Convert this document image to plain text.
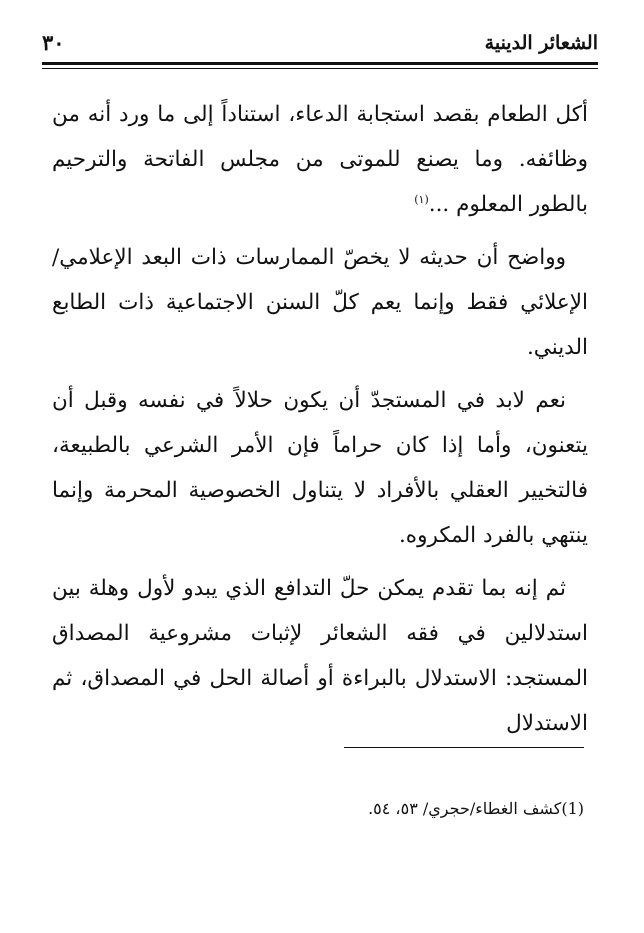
الشعائر الدينية
٣٠

أكل الطعام بقصد استجابة الدعاء، استناداً إلى ما ورد أنه من وظائفه. وما يصنع للموتى من مجلس الفاتحة والترحيم بالطور المعلوم ...$^{(١)}$

وواضح أن حديثه لا يخصّ الممارسات ذات البعد الإعلامي/الإعلائي فقط وإنما يعم كلّ السنن الاجتماعية ذات الطابع الديني.

نعم لابد في المستجدّ أن يكون حلالاً في نفسه وقبل أن يتعنون، وأما إذا كان حراماً فإن الأمر الشرعي بالطبيعة، فالتخيير العقلي بالأفراد لا يتناول الخصوصية المحرمة وإنما ينتهي بالفرد المكروه.

ثم إنه بما تقدم يمكن حلّ التدافع الذي يبدو لأول وهلة بين استدلالين في فقه الشعائر لإثبات مشروعية المصداق المستجد: الاستدلال بالبراءة أو أصالة الحل في المصداق، ثم الاستدلال

(1)كشف الغطاء/حجري/ ٥٣، ٥٤.
